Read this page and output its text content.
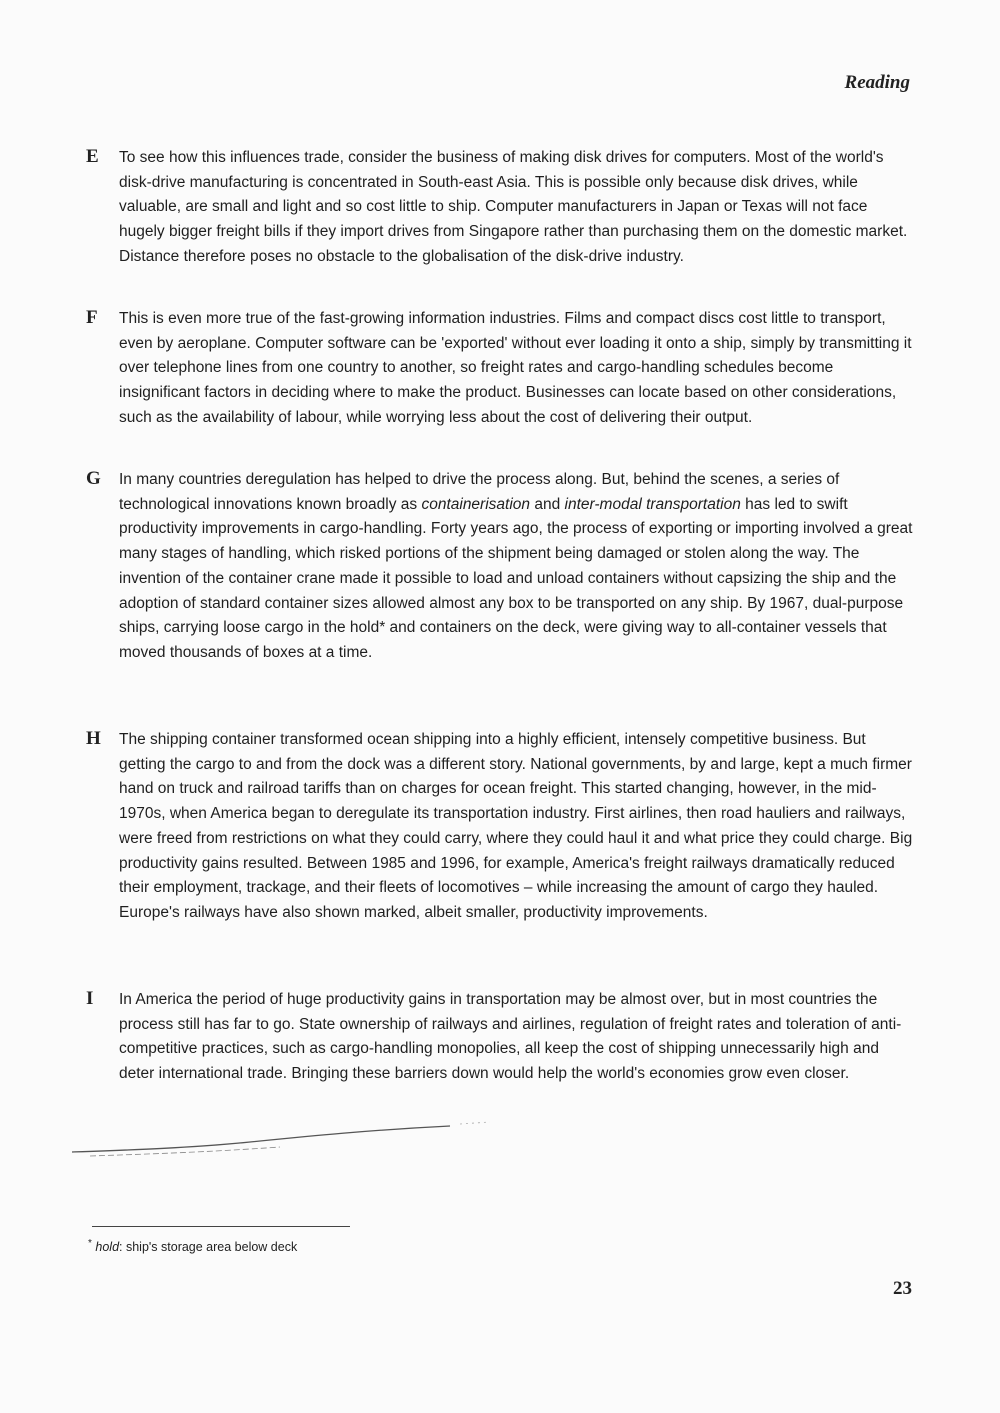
Reading
E To see how this influences trade, consider the business of making disk drives for computers. Most of the world's disk-drive manufacturing is concentrated in South-east Asia. This is possible only because disk drives, while valuable, are small and light and so cost little to ship. Computer manufacturers in Japan or Texas will not face hugely bigger freight bills if they import drives from Singapore rather than purchasing them on the domestic market. Distance therefore poses no obstacle to the globalisation of the disk-drive industry.
F This is even more true of the fast-growing information industries. Films and compact discs cost little to transport, even by aeroplane. Computer software can be 'exported' without ever loading it onto a ship, simply by transmitting it over telephone lines from one country to another, so freight rates and cargo-handling schedules become insignificant factors in deciding where to make the product. Businesses can locate based on other considerations, such as the availability of labour, while worrying less about the cost of delivering their output.
G In many countries deregulation has helped to drive the process along. But, behind the scenes, a series of technological innovations known broadly as containerisation and inter-modal transportation has led to swift productivity improvements in cargo-handling. Forty years ago, the process of exporting or importing involved a great many stages of handling, which risked portions of the shipment being damaged or stolen along the way. The invention of the container crane made it possible to load and unload containers without capsizing the ship and the adoption of standard container sizes allowed almost any box to be transported on any ship. By 1967, dual-purpose ships, carrying loose cargo in the hold* and containers on the deck, were giving way to all-container vessels that moved thousands of boxes at a time.
H The shipping container transformed ocean shipping into a highly efficient, intensely competitive business. But getting the cargo to and from the dock was a different story. National governments, by and large, kept a much firmer hand on truck and railroad tariffs than on charges for ocean freight. This started changing, however, in the mid-1970s, when America began to deregulate its transportation industry. First airlines, then road hauliers and railways, were freed from restrictions on what they could carry, where they could haul it and what price they could charge. Big productivity gains resulted. Between 1985 and 1996, for example, America's freight railways dramatically reduced their employment, trackage, and their fleets of locomotives – while increasing the amount of cargo they hauled. Europe's railways have also shown marked, albeit smaller, productivity improvements.
I In America the period of huge productivity gains in transportation may be almost over, but in most countries the process still has far to go. State ownership of railways and airlines, regulation of freight rates and toleration of anti-competitive practices, such as cargo-handling monopolies, all keep the cost of shipping unnecessarily high and deter international trade. Bringing these barriers down would help the world's economies grow even closer.
* hold: ship's storage area below deck
23
